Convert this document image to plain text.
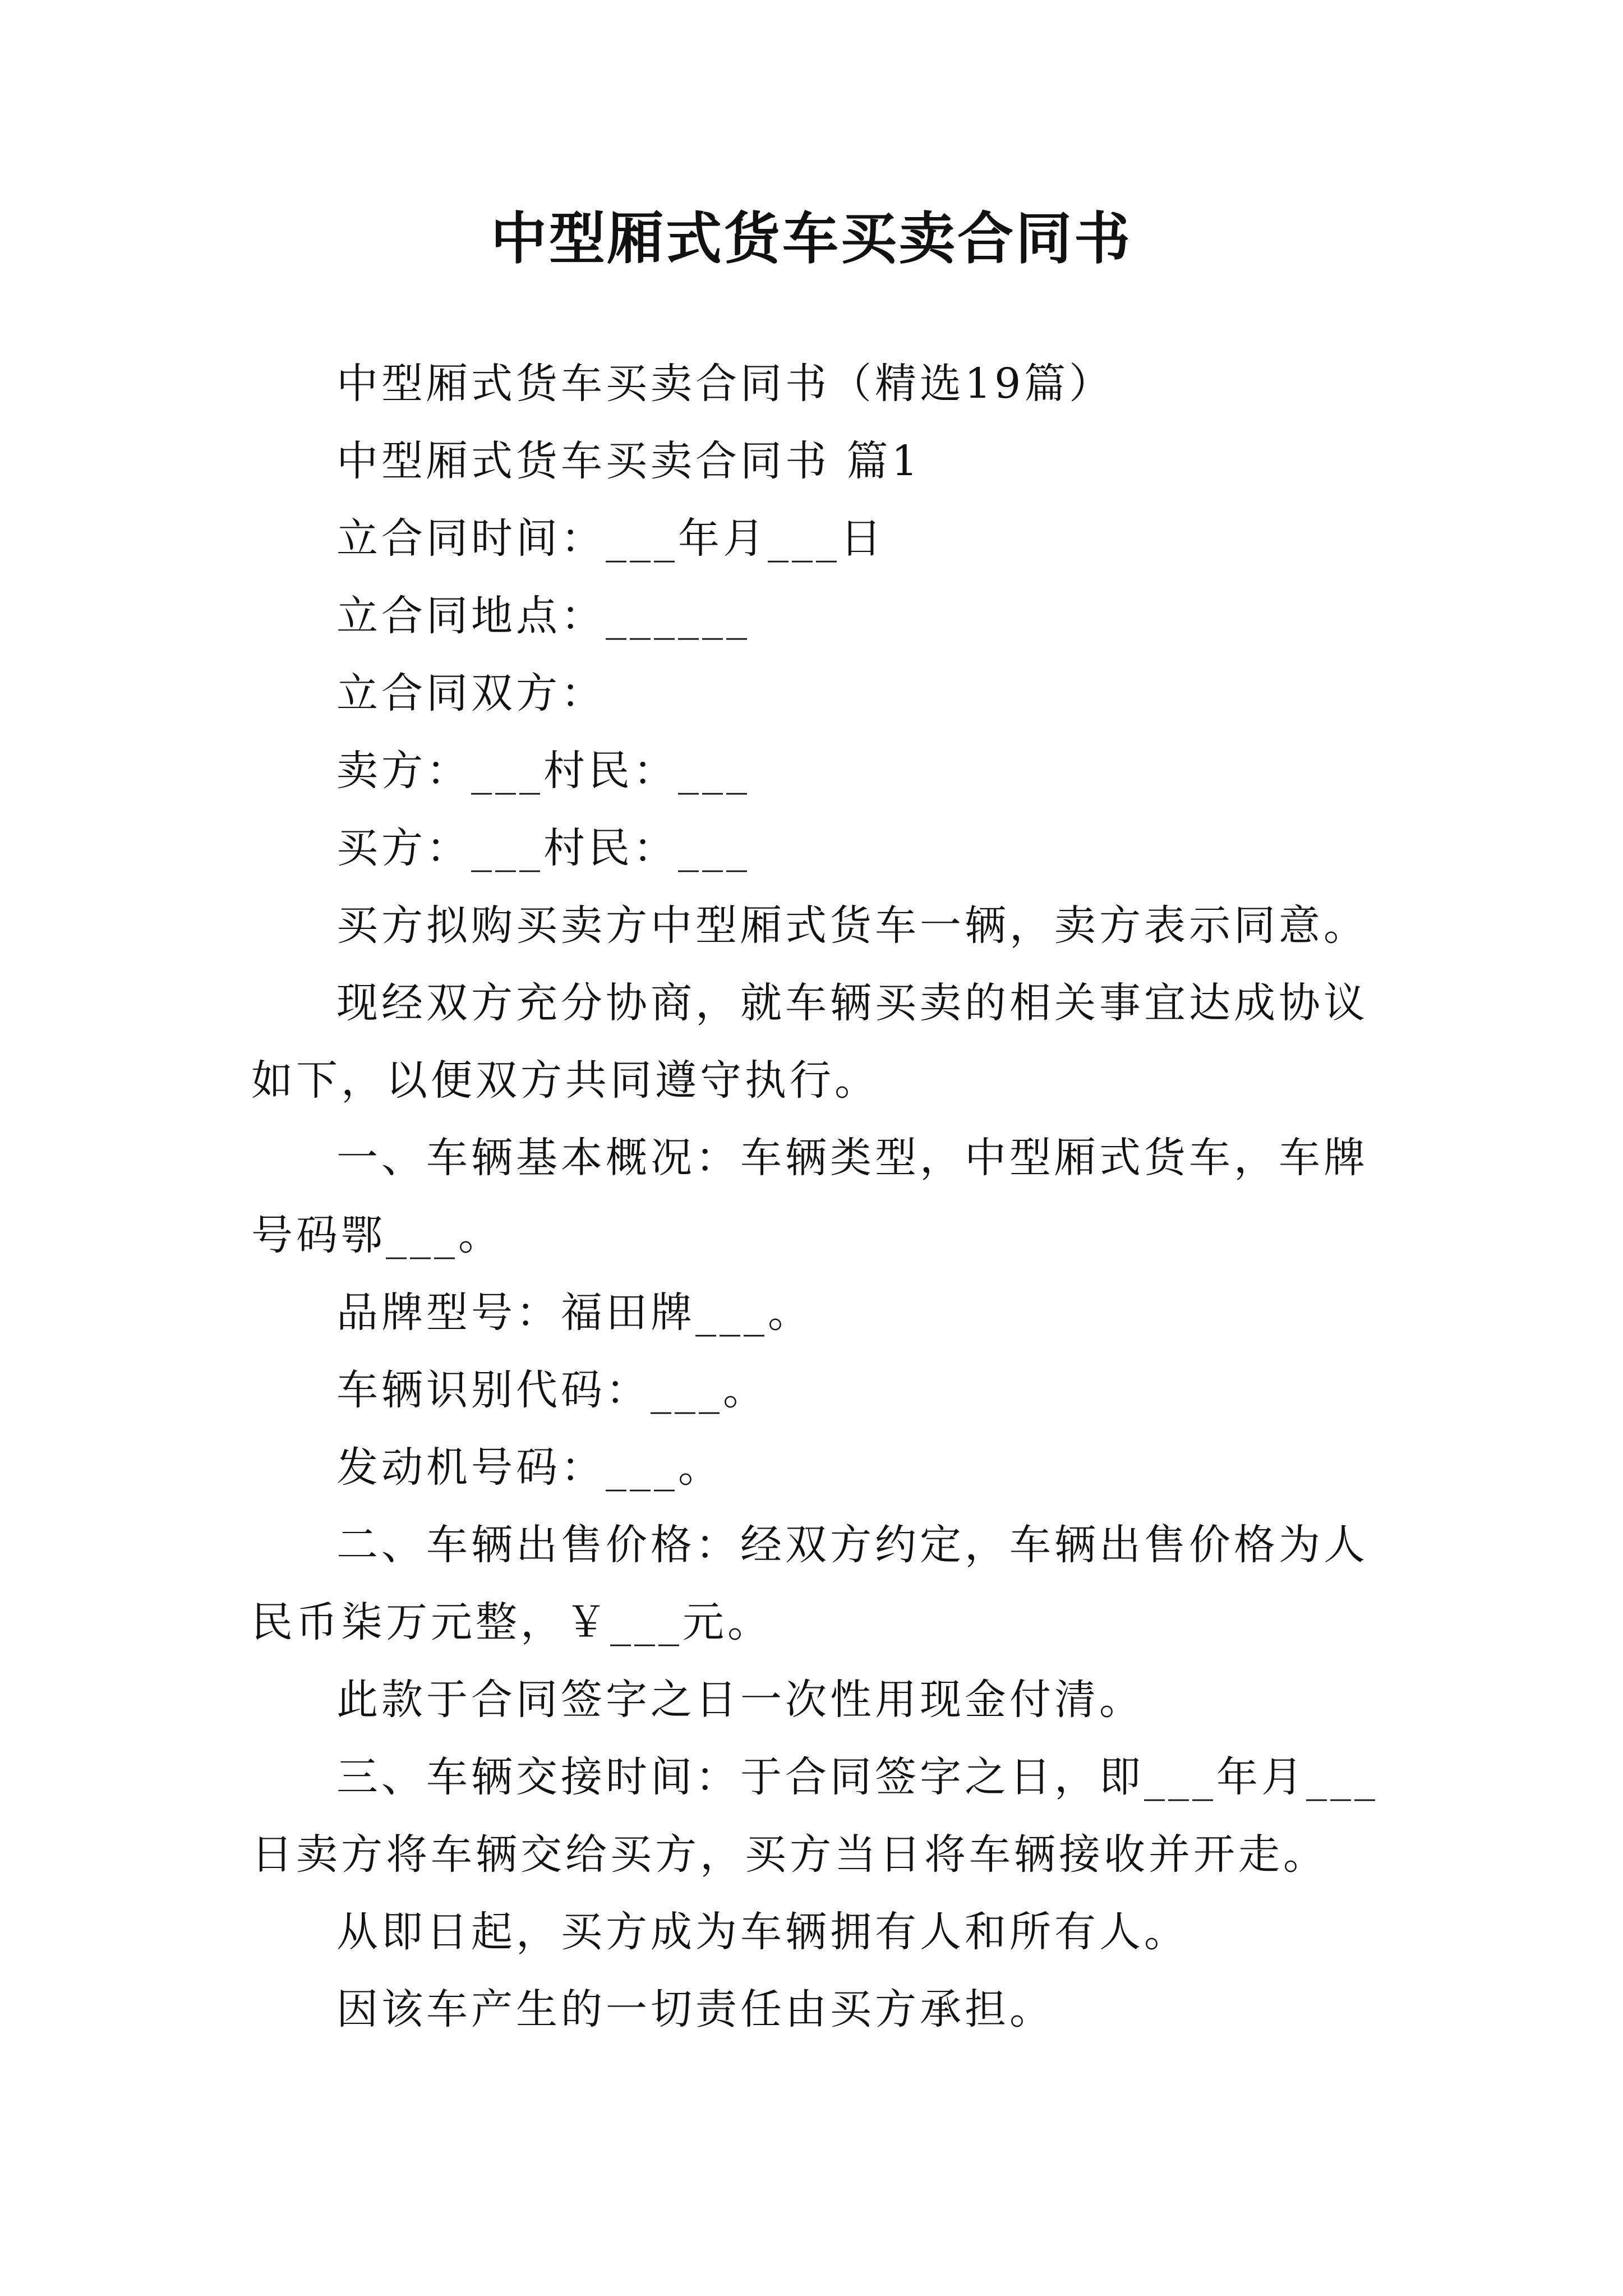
中型厢式货车买卖合同书

中型厢式货车买卖合同书（精选19篇）

中型厢式货车买卖合同书 篇1

立合同时间：___年月___日

立合同地点：______

立合同双方：

卖方：___村民：___

买方：___村民：___

买方拟购买卖方中型厢式货车一辆，卖方表示同意。

现经双方充分协商，就车辆买卖的相关事宜达成协议如下，以便双方共同遵守执行。

一、车辆基本概况：车辆类型，中型厢式货车，车牌号码鄂___。

品牌型号：福田牌___。

车辆识别代码：___。

发动机号码：___。

二、车辆出售价格：经双方约定，车辆出售价格为人民币柒万元整，￥___元。

此款于合同签字之日一次性用现金付清。

三、车辆交接时间：于合同签字之日，即___年月___日卖方将车辆交给买方，买方当日将车辆接收并开走。

从即日起，买方成为车辆拥有人和所有人。

因该车产生的一切责任由买方承担。
